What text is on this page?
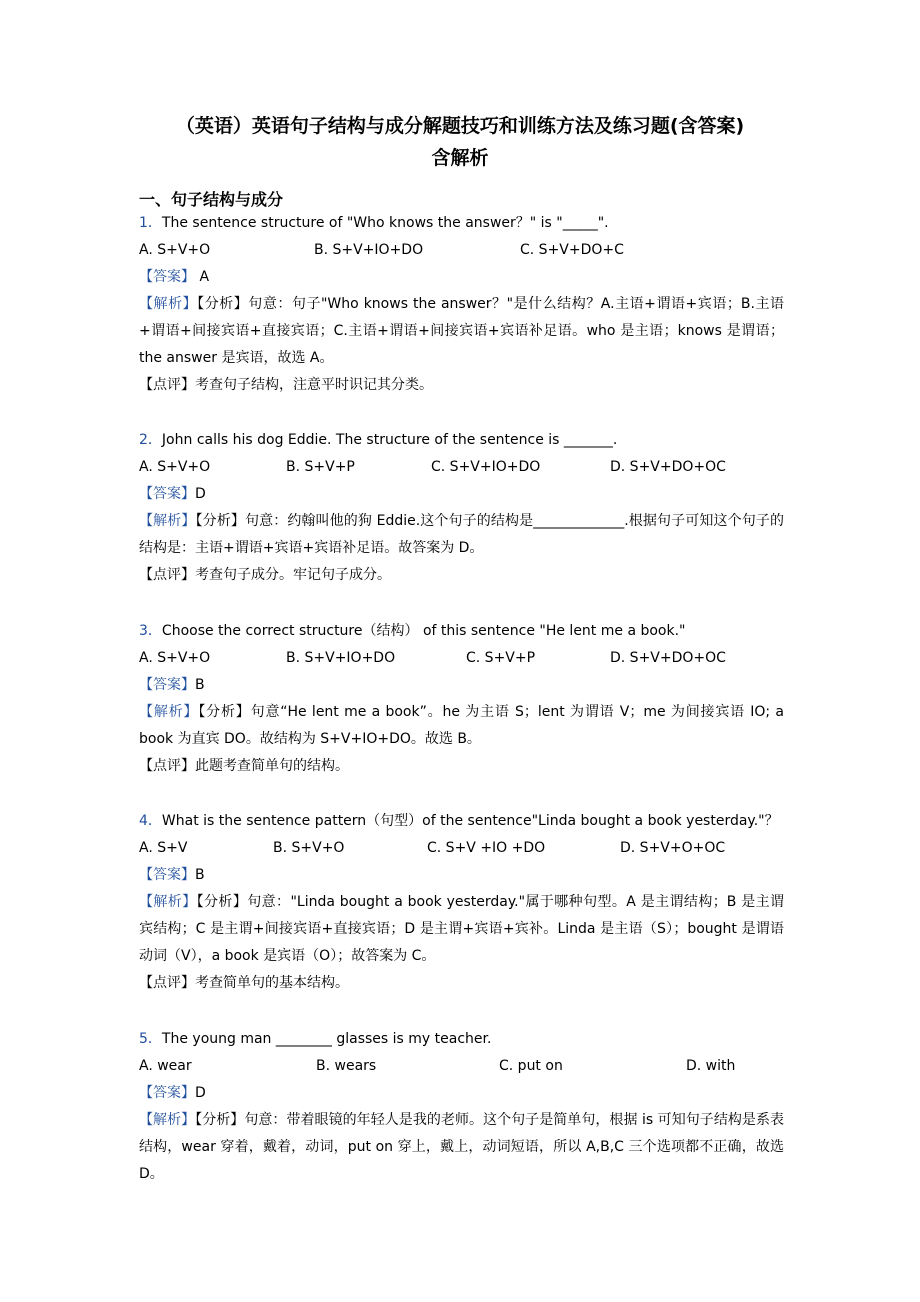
（英语）英语句子结构与成分解题技巧和训练方法及练习题(含答案)
含解析
一、句子结构与成分
1．The sentence structure of "Who knows the answer？" is "_____".
A. S+V+O	B. S+V+IO+DO	C. S+V+DO+C
【答案】 A
【解析】【分析】句意：句子"Who knows the answer？"是什么结构？A.主语+谓语+宾语；B.主语+谓语+间接宾语+直接宾语；C.主语+谓语+间接宾语+宾语补足语。who 是主语；knows 是谓语；the answer 是宾语，故选 A。
【点评】考查句子结构，注意平时识记其分类。
2．John calls his dog Eddie. The structure of the sentence is _______.
A. S+V+O	B. S+V+P	C. S+V+IO+DO	D. S+V+DO+OC
【答案】D
【解析】【分析】句意：约翰叫他的狗 Eddie.这个句子的结构是_____________.根据句子可知这个句子的结构是：主语+谓语+宾语+宾语补足语。故答案为 D。
【点评】考查句子成分。牢记句子成分。
3．Choose the correct structure（结构） of this sentence "He lent me a book."
A. S+V+O	B. S+V+IO+DO	C. S+V+P	D. S+V+DO+OC
【答案】B
【解析】【分析】句意“He lent me a book”。he 为主语 S；lent 为谓语 V；me 为间接宾语 IO; a book 为直宾 DO。故结构为 S+V+IO+DO。故选 B。
【点评】此题考查简单句的结构。
4．What is the sentence pattern（句型）of the sentence"Linda bought a book yesterday."？
A. S+V	B. S+V+O	C. S+V +IO +DO	D. S+V+O+OC
【答案】B
【解析】【分析】句意："Linda bought a book yesterday."属于哪种句型。A 是主谓结构；B 是主谓宾结构；C 是主谓+间接宾语+直接宾语；D 是主谓+宾语+宾补。Linda 是主语（S）；bought 是谓语动词（V），a book 是宾语（O）；故答案为 C。
【点评】考查简单句的基本结构。
5．The young man ________ glasses is my teacher.
A. wear	B. wears	C. put on	D. with
【答案】D
【解析】【分析】句意：带着眼镜的年轻人是我的老师。这个句子是简单句，根据 is 可知句子结构是系表结构，wear 穿着，戴着，动词，put on 穿上，戴上，动词短语，所以 A,B,C 三个选项都不正确，故选 D。
